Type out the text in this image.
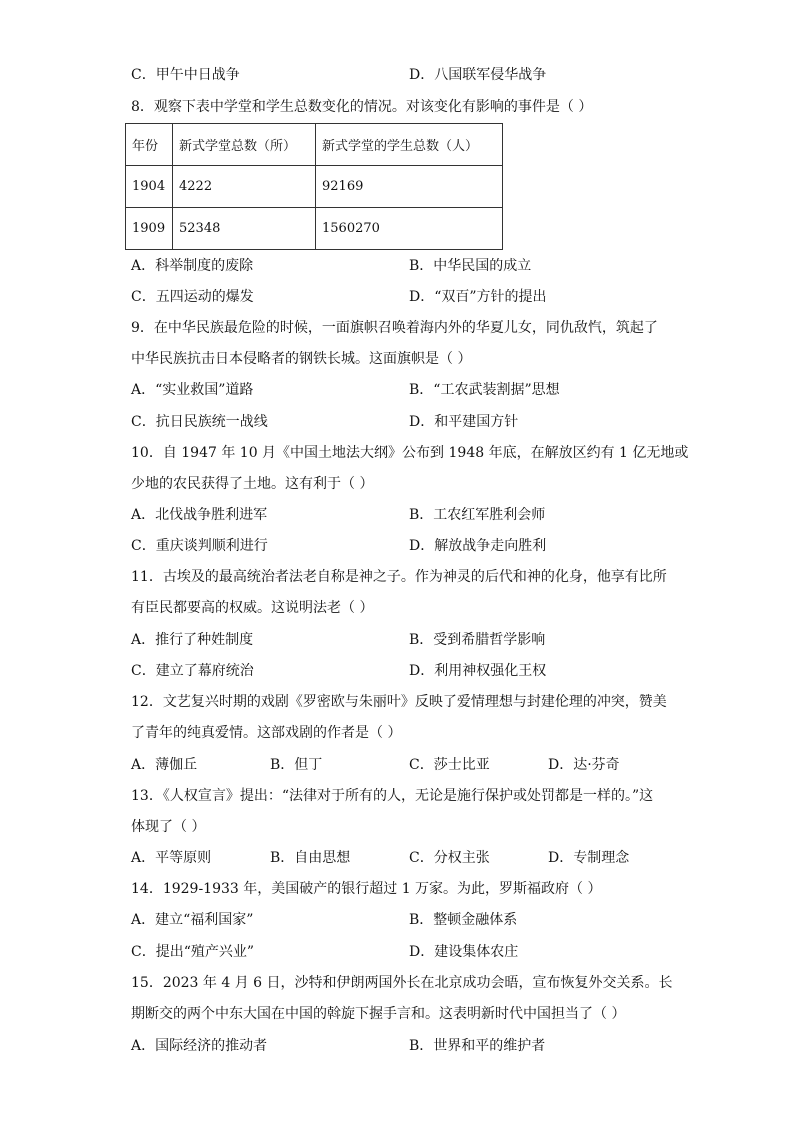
C．甲午中日战争	D．八国联军侵华战争
8．观察下表中学堂和学生总数变化的情况。对该变化有影响的事件是（ ）
年份	新式学堂总数（所）	新式学堂的学生总数（人）
1904	4222	92169
1909	52348	1560270
A．科举制度的废除	B．中华民国的成立
C．五四运动的爆发	D．“双百”方针的提出
9．在中华民族最危险的时候，一面旗帜召唤着海内外的华夏儿女，同仇敌忾，筑起了
中华民族抗击日本侵略者的钢铁长城。这面旗帜是（ ）
A．“实业救国”道路	B．“工农武装割据”思想
C．抗日民族统一战线	D．和平建国方针
10．自 1947 年 10 月《中国土地法大纲》公布到 1948 年底，在解放区约有 1 亿无地或
少地的农民获得了土地。这有利于（ ）
A．北伐战争胜利进军	B．工农红军胜利会师
C．重庆谈判顺利进行	D．解放战争走向胜利
11．古埃及的最高统治者法老自称是神之子。作为神灵的后代和神的化身，他享有比所
有臣民都要高的权威。这说明法老（ ）
A．推行了种姓制度	B．受到希腊哲学影响
C．建立了幕府统治	D．利用神权强化王权
12．文艺复兴时期的戏剧《罗密欧与朱丽叶》反映了爱情理想与封建伦理的冲突，赞美
了青年的纯真爱情。这部戏剧的作者是（ ）
A．薄伽丘	B．但丁	C．莎士比亚	D．达·芬奇
13．《人权宣言》提出：“法律对于所有的人，无论是施行保护或处罚都是一样的。”这
体现了（ ）
A．平等原则	B．自由思想	C．分权主张	D．专制理念
14．1929-1933 年，美国破产的银行超过 1 万家。为此，罗斯福政府（ ）
A．建立“福利国家”	B．整顿金融体系
C．提出“殖产兴业”	D．建设集体农庄
15．2023 年 4 月 6 日，沙特和伊朗两国外长在北京成功会晤，宣布恢复外交关系。长
期断交的两个中东大国在中国的斡旋下握手言和。这表明新时代中国担当了（ ）
A．国际经济的推动者	B．世界和平的维护者
